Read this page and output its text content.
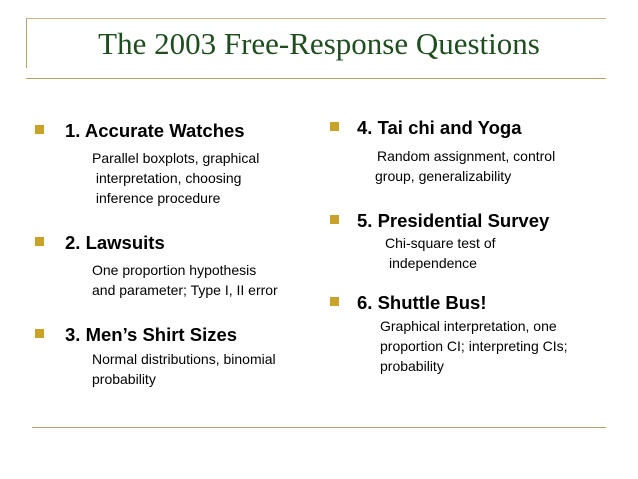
The 2003 Free-Response Questions
1. Accurate Watches
Parallel boxplots, graphical
interpretation, choosing
inference procedure
2. Lawsuits
One proportion hypothesis
and parameter; Type I, II error
3. Men’s Shirt Sizes
Normal distributions, binomial
probability
4. Tai chi and Yoga
Random assignment, control
group, generalizability
5. Presidential Survey
Chi-square test of
independence
6. Shuttle Bus!
Graphical interpretation, one
proportion CI; interpreting CIs;
probability
